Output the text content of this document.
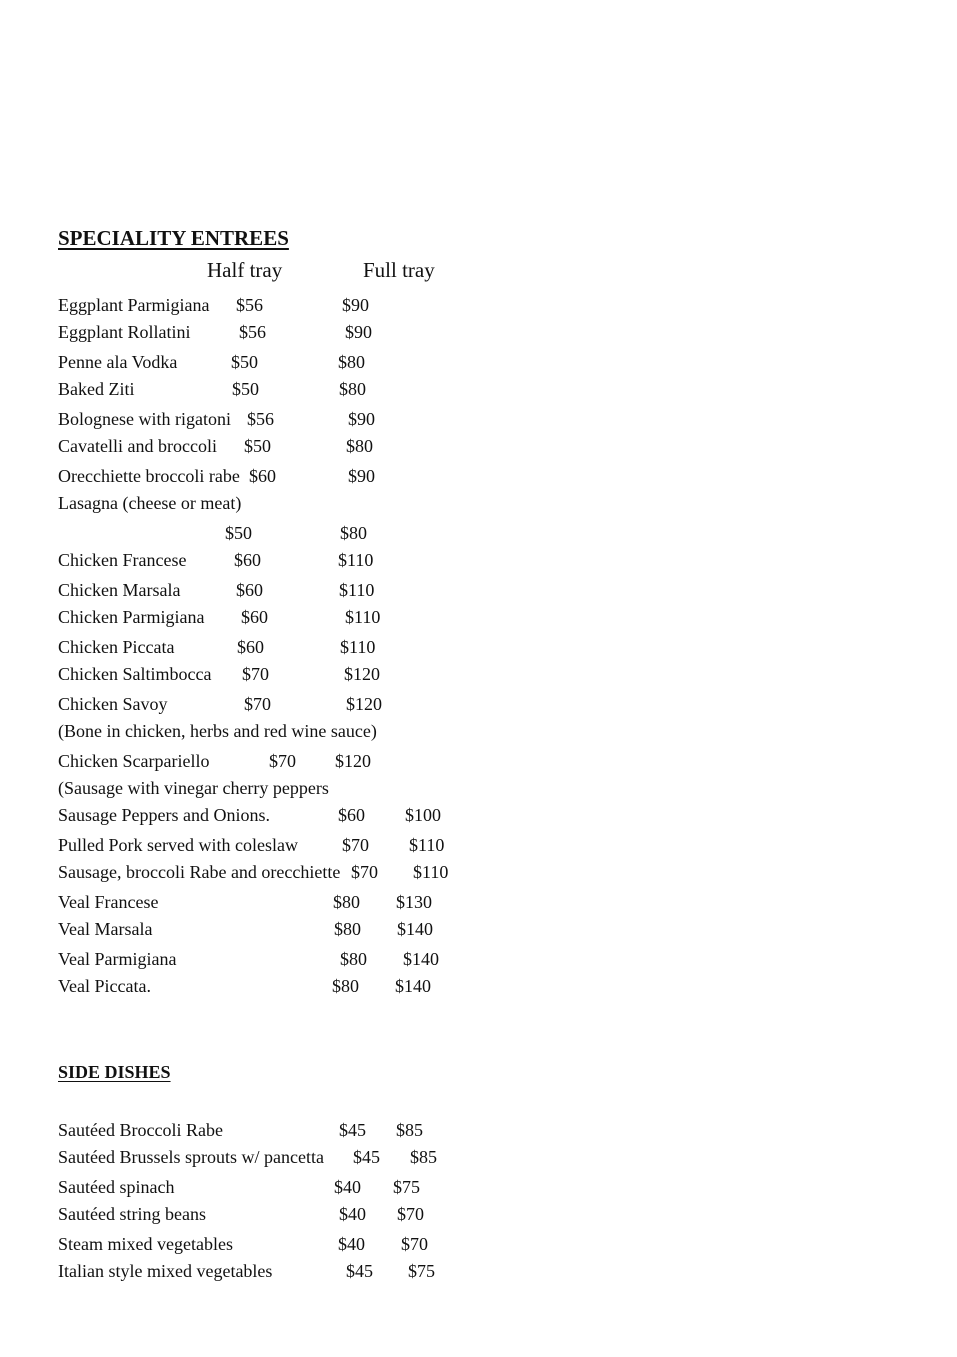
SPECIALITY ENTREES
Half tray	Full tray
Eggplant Parmigiana $56	$90
Eggplant Rollatini	$56	$90
Penne ala Vodka	$50	$80
Baked Ziti	$50	$80
Bolognese with rigatoni $56	$90
Cavatelli and broccoli $50	$80
Orecchiette broccoli rabe $60	$90
Lasagna (cheese or meat)
$50	$80
Chicken Francese	$60	$110
Chicken Marsala	$60	$110
Chicken Parmigiana $60	$110
Chicken Piccata	$60	$110
Chicken Saltimbocca $70	$120
Chicken Savoy	$70	$120
(Bone in chicken, herbs and red wine sauce)
Chicken Scarpariello	$70 $120
(Sausage with vinegar cherry peppers
Sausage Peppers and Onions.	$60 $100
Pulled Pork served with coleslaw $70 $110
Sausage, broccoli Rabe and orecchiette $70 $110
Veal Francese	$80 $130
Veal Marsala	$80 $140
Veal Parmigiana	$80 $140
Veal Piccata.	$80 $140
SIDE DISHES
Sautéed Broccoli Rabe	$45 $85
Sautéed Brussels sprouts w/ pancetta $45 $85
Sautéed spinach	$40 $75
Sautéed string beans	$40 $70
Steam mixed vegetables	$40 $70
Italian style mixed vegetables	$45 $75
